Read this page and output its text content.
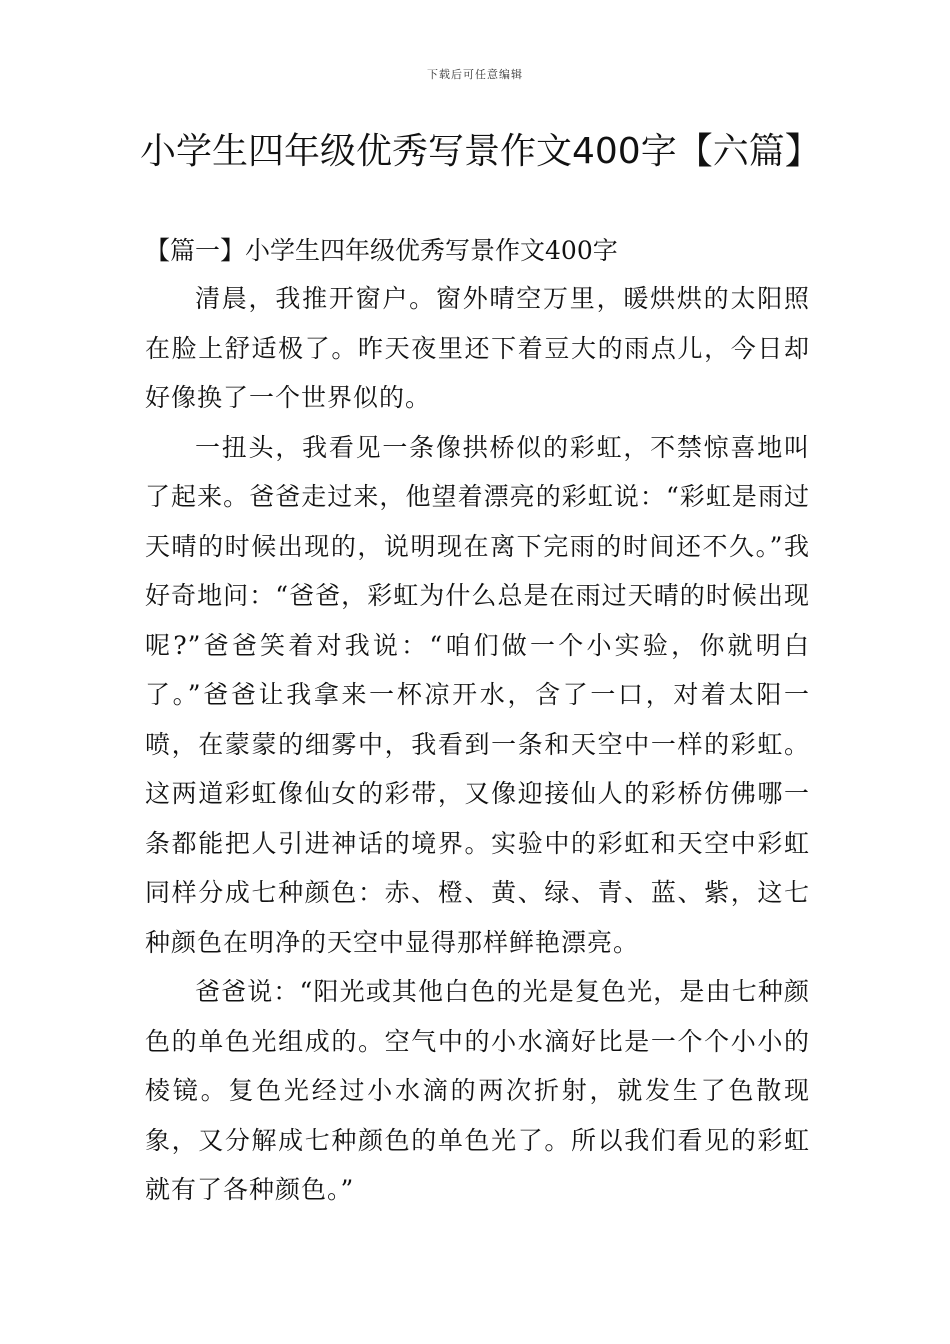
下载后可任意编辑
小学生四年级优秀写景作文400字【六篇】
【篇一】小学生四年级优秀写景作文400字

清晨，我推开窗户。窗外晴空万里，暖烘烘的太阳照在脸上舒适极了。昨天夜里还下着豆大的雨点儿，今日却好像换了一个世界似的。

一扭头，我看见一条像拱桥似的彩虹，不禁惊喜地叫了起来。爸爸走过来，他望着漂亮的彩虹说：“彩虹是雨过天晴的时候出现的，说明现在离下完雨的时间还不久。”我好奇地问：“爸爸，彩虹为什么总是在雨过天晴的时候出现呢?”爸爸笑着对我说：“咱们做一个小实验，你就明白了。”爸爸让我拿来一杯凉开水，含了一口，对着太阳一喷，在蒙蒙的细雾中，我看到一条和天空中一样的彩虹。这两道彩虹像仙女的彩带，又像迎接仙人的彩桥仿佛哪一条都能把人引进神话的境界。实验中的彩虹和天空中彩虹同样分成七种颜色：赤、橙、黄、绿、青、蓝、紫，这七种颜色在明净的天空中显得那样鲜艳漂亮。

爸爸说：“阳光或其他白色的光是复色光，是由七种颜色的单色光组成的。空气中的小水滴好比是一个个小小的棱镜。复色光经过小水滴的两次折射，就发生了色散现象，又分解成七种颜色的单色光了。所以我们看见的彩虹就有了各种颜色。”
